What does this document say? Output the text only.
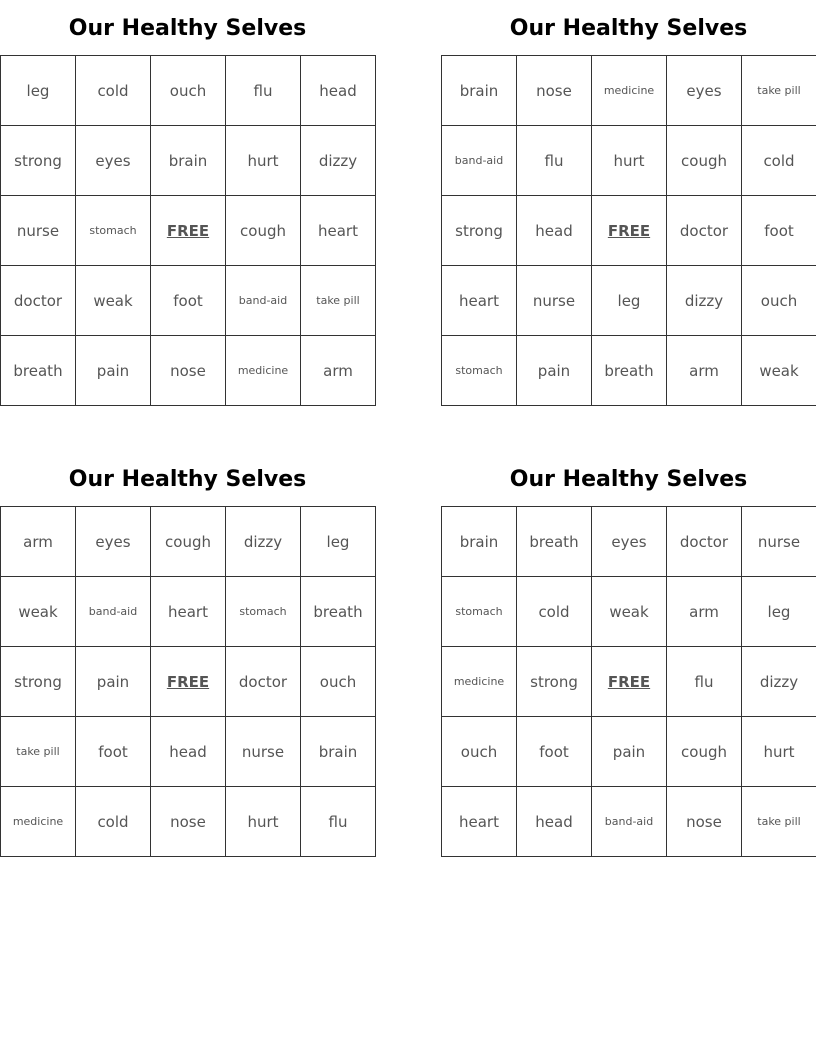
Our Healthy Selves
leg	cold	ouch	flu	head
strong	eyes	brain	hurt	dizzy
nurse	stomach	FREE	cough	heart
doctor	weak	foot	band-aid	take pill
breath	pain	nose	medicine	arm
Our Healthy Selves
brain	nose	medicine	eyes	take pill
band-aid	flu	hurt	cough	cold
strong	head	FREE	doctor	foot
heart	nurse	leg	dizzy	ouch
stomach	pain	breath	arm	weak
Our Healthy Selves
arm	eyes	cough	dizzy	leg
weak	band-aid	heart	stomach	breath
strong	pain	FREE	doctor	ouch
take pill	foot	head	nurse	brain
medicine	cold	nose	hurt	flu
Our Healthy Selves
brain	breath	eyes	doctor	nurse
stomach	cold	weak	arm	leg
medicine	strong	FREE	flu	dizzy
ouch	foot	pain	cough	hurt
heart	head	band-aid	nose	take pill
